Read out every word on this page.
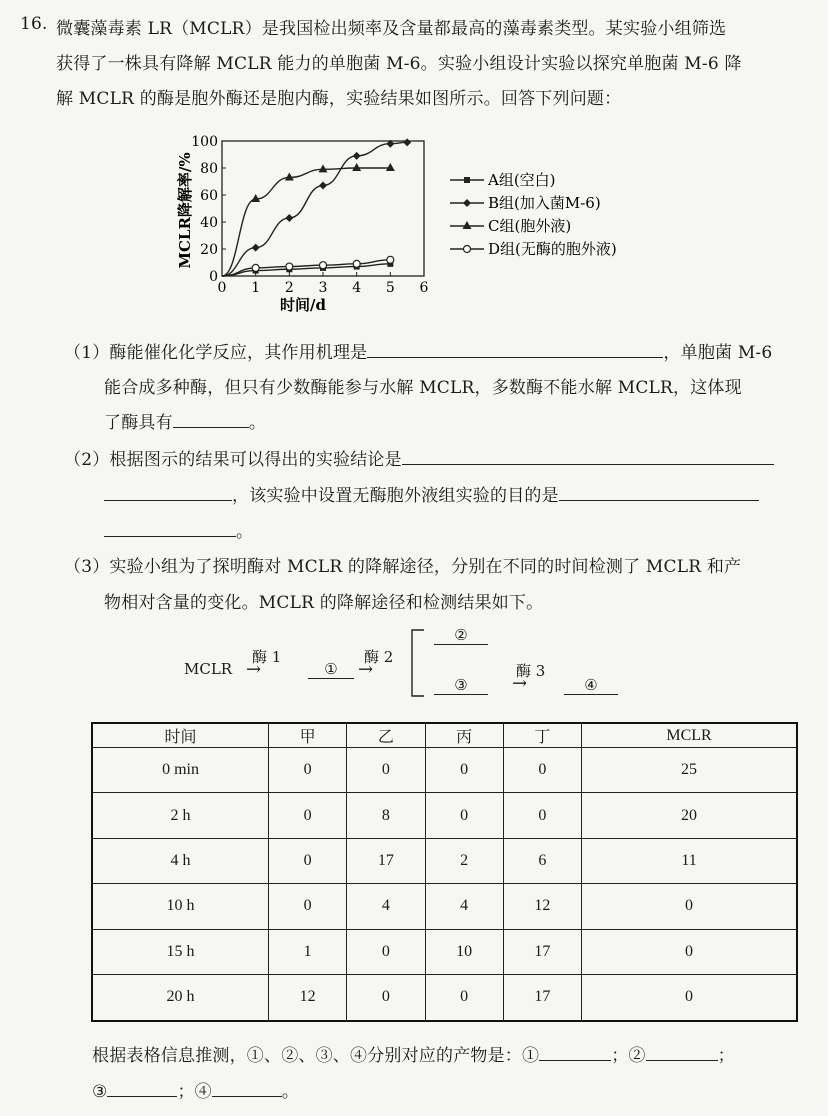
16. 微囊藻毒素 LR（MCLR）是我国检出频率及含量都最高的藻毒素类型。某实验小组筛选
获得了一株具有降解 MCLR 能力的单胞菌 M-6。实验小组设计实验以探究单胞菌 M-6 降
解 MCLR 的酶是胞外酶还是胞内酶，实验结果如图所示。回答下列问题：
0
20
40
60
80
100
0 1 2 3 4 5 6
时间/d
MCLR降解率/%	A组(空白)
B组(加入菌M-6)
C组(胞外液)
D组(无酶的胞外液)
（1）酶能催化化学反应，其作用机理是	，单胞菌 M-6
能合成多种酶，但只有少数酶能参与水解 MCLR，多数酶不能水解 MCLR，这体现
了酶具有	。
（2）根据图示的结果可以得出的实验结论是
，该实验中设置无酶胞外液组实验的目的是
。
（3）实验小组为了探明酶对 MCLR 的降解途径，分别在不同的时间检测了 MCLR 和产
物相对含量的变化。MCLR 的降解途径和检测结果如下。
MCLR
酶 1
→	①
酶 2
→
②
③
酶 3
→	④
时间	甲	乙	丙	丁	MCLR
0 min	0	0	0	0	25
2 h	0	8	0	0	20
4 h	0	17	2	6	11
10 h	0	4	4	12	0
15 h	1	0	10	17	0
20 h	12	0	0	17	0
根据表格信息推测，①、②、③、④分别对应的产物是：①	；②	；
③	；④	。
